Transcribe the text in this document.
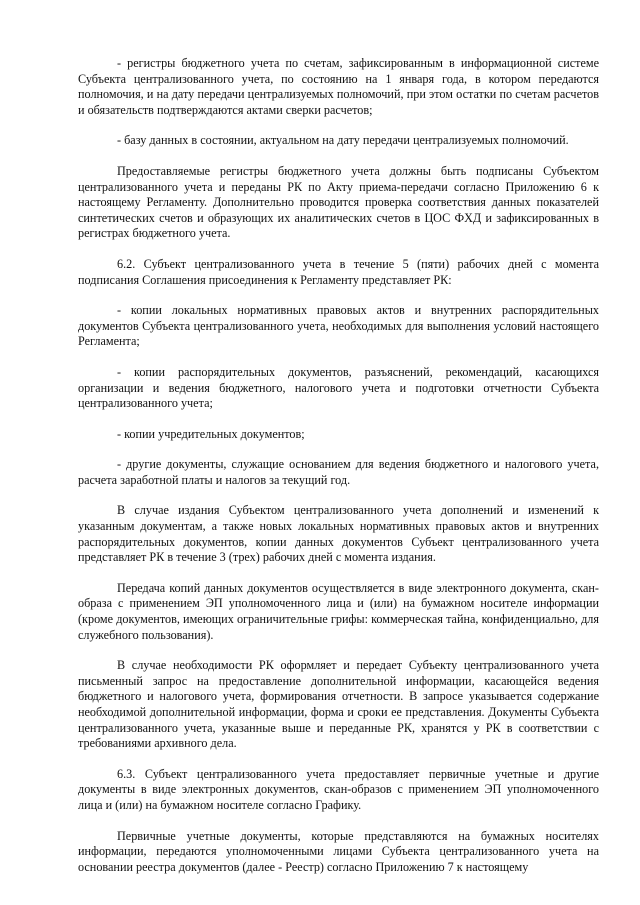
- регистры бюджетного учета по счетам, зафиксированным в информационной системе Субъекта централизованного учета, по состоянию на 1 января года, в котором передаются полномочия, и на дату передачи централизуемых полномочий, при этом остатки по счетам расчетов и обязательств подтверждаются актами сверки расчетов;

- базу данных в состоянии, актуальном на дату передачи централизуемых полномочий.

Предоставляемые регистры бюджетного учета должны быть подписаны Субъектом централизованного учета и переданы РК по Акту приема-передачи согласно Приложению 6 к настоящему Регламенту. Дополнительно проводится проверка соответствия данных показателей синтетических счетов и образующих их аналитических счетов в ЦОС ФХД и зафиксированных в регистрах бюджетного учета.

6.2. Субъект централизованного учета в течение 5 (пяти) рабочих дней с момента подписания Соглашения присоединения к Регламенту представляет РК:

- копии локальных нормативных правовых актов и внутренних распорядительных документов Субъекта централизованного учета, необходимых для выполнения условий настоящего Регламента;

- копии распорядительных документов, разъяснений, рекомендаций, касающихся организации и ведения бюджетного, налогового учета и подготовки отчетности Субъекта централизованного учета;

- копии учредительных документов;

- другие документы, служащие основанием для ведения бюджетного и налогового учета, расчета заработной платы и налогов за текущий год.

В случае издания Субъектом централизованного учета дополнений и изменений к указанным документам, а также новых локальных нормативных правовых актов и внутренних распорядительных документов, копии данных документов Субъект централизованного учета представляет РК в течение 3 (трех) рабочих дней с момента издания.

Передача копий данных документов осуществляется в виде электронного документа, скан-образа с применением ЭП уполномоченного лица и (или) на бумажном носителе информации (кроме документов, имеющих ограничительные грифы: коммерческая тайна, конфиденциально, для служебного пользования).

В случае необходимости РК оформляет и передает Субъекту централизованного учета письменный запрос на предоставление дополнительной информации, касающейся ведения бюджетного и налогового учета, формирования отчетности. В запросе указывается содержание необходимой дополнительной информации, форма и сроки ее представления. Документы Субъекта централизованного учета, указанные выше и переданные РК, хранятся у РК в соответствии с требованиями архивного дела.

6.3. Субъект централизованного учета предоставляет первичные учетные и другие документы в виде электронных документов, скан-образов с применением ЭП уполномоченного лица и (или) на бумажном носителе согласно Графику.

Первичные учетные документы, которые представляются на бумажных носителях информации, передаются уполномоченными лицами Субъекта централизованного учета на основании реестра документов (далее - Реестр) согласно Приложению 7 к настоящему
